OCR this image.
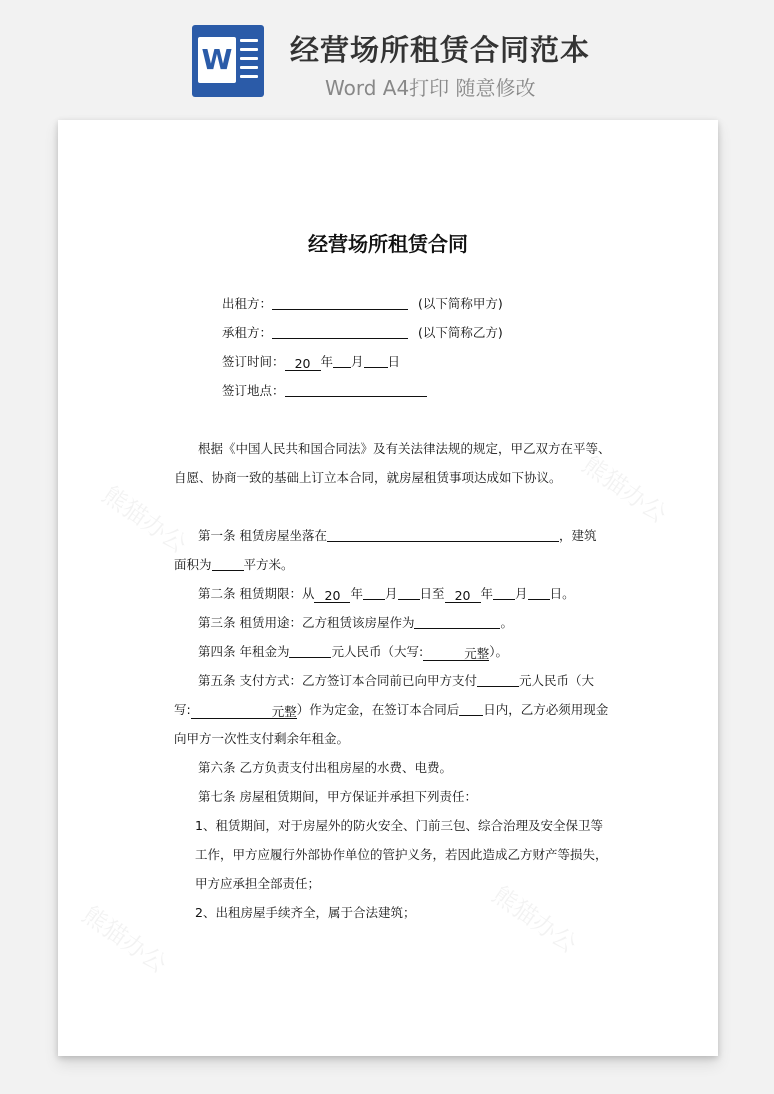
W 经营场所租赁合同范本
Word A4打印 随意修改
熊猫办公	熊猫办公
熊猫办公	熊猫办公
经营场所租赁合同
出租方：	(以下简称甲方)
承租方：	(以下简称乙方)
签订时间： 20 年 月 日
签订地点：
根据《中国人民共和国合同法》及有关法律法规的规定，甲乙双方在平等、
自愿、协商一致的基础上订立本合同，就房屋租赁事项达成如下协议。
第一条 租赁房屋坐落在	，建筑
面积为	平方米。
第二条 租赁期限：从 20 年 月 日至 20 年 月 日。
第三条 租赁用途：乙方租赁该房屋作为	。
第四条 年租金为	元人民币（大写:	元整）。
第五条 支付方式：乙方签订本合同前已向甲方支付	元人民币（大
写:	元整）作为定金，在签订本合同后 日内，乙方必须用现金
向甲方一次性支付剩余年租金。
第六条 乙方负责支付出租房屋的水费、电费。
第七条 房屋租赁期间，甲方保证并承担下列责任：
1、租赁期间，对于房屋外的防火安全、门前三包、综合治理及安全保卫等
工作，甲方应履行外部协作单位的管护义务，若因此造成乙方财产等损失，
甲方应承担全部责任；
2、出租房屋手续齐全，属于合法建筑；
